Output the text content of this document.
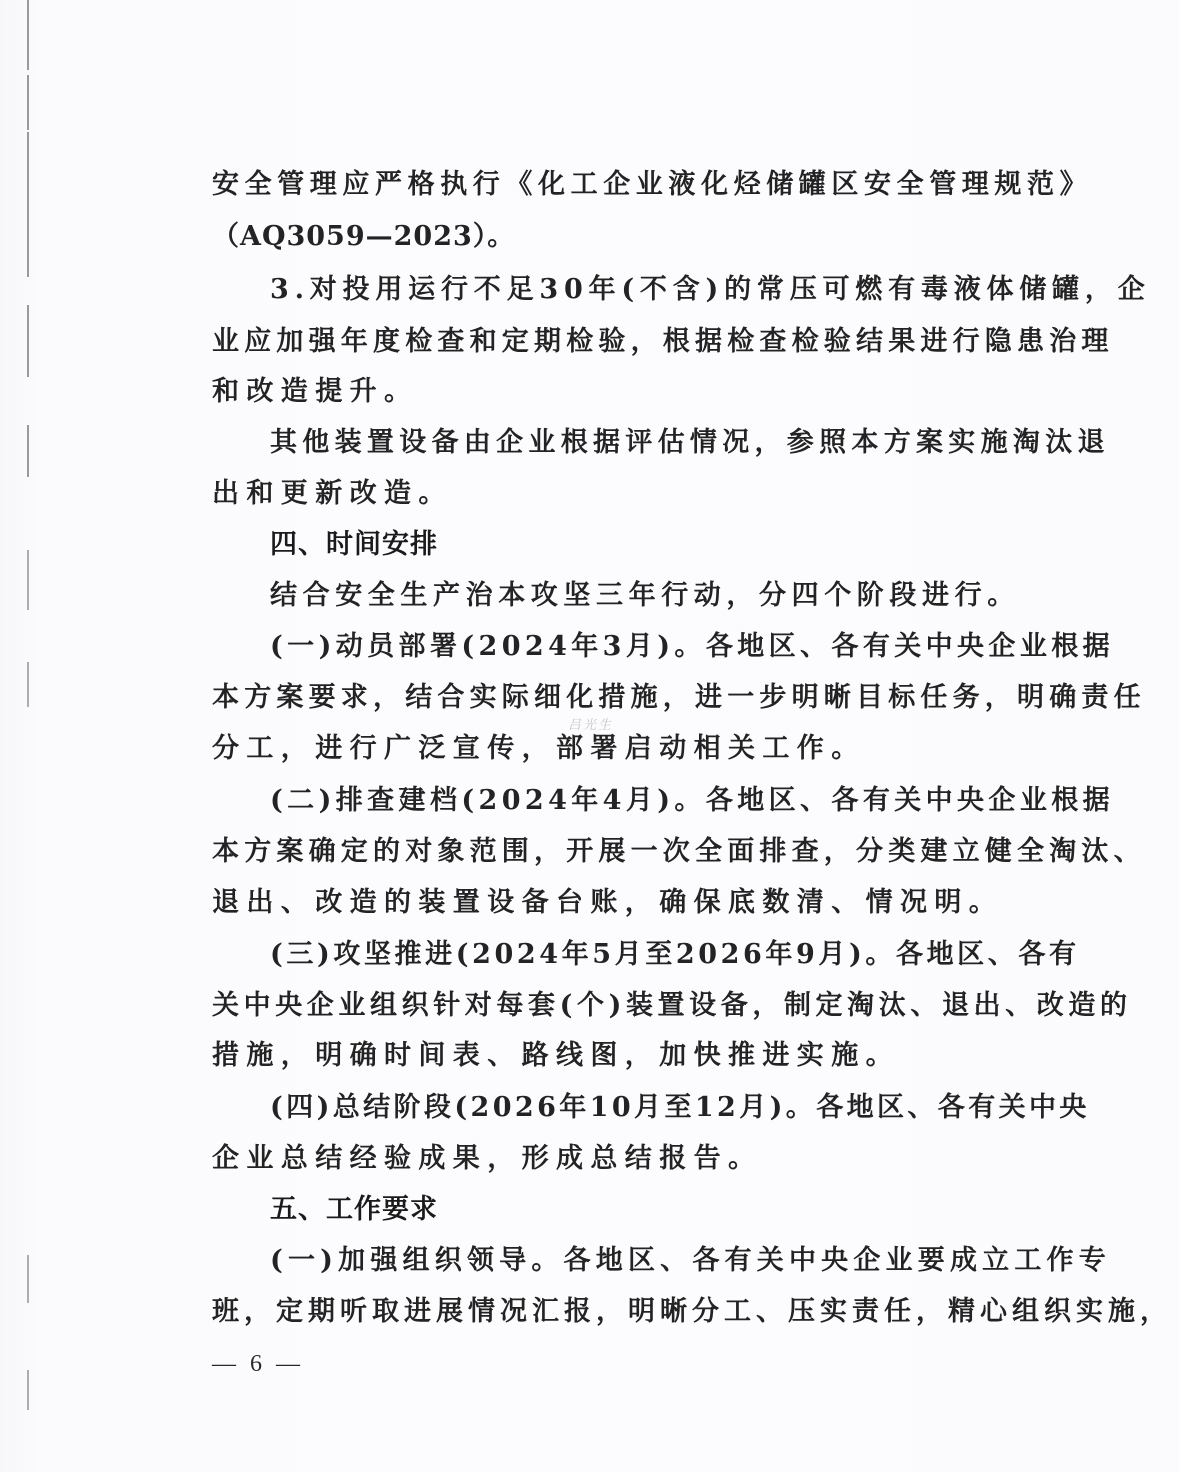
安全管理应严格执行《化工企业液化烃储罐区安全管理规范》
（AQ3059—2023）。
3.对投用运行不足30年(不含)的常压可燃有毒液体储罐，企
业应加强年度检查和定期检验，根据检查检验结果进行隐患治理
和改造提升。
其他装置设备由企业根据评估情况，参照本方案实施淘汰退
出和更新改造。
四、时间安排
结合安全生产治本攻坚三年行动，分四个阶段进行。
(一)动员部署(2024年3月)。各地区、各有关中央企业根据
本方案要求，结合实际细化措施，进一步明晰目标任务，明确责任
分工，进行广泛宣传，部署启动相关工作。
(二)排查建档(2024年4月)。各地区、各有关中央企业根据
本方案确定的对象范围，开展一次全面排查，分类建立健全淘汰、
退出、改造的装置设备台账，确保底数清、情况明。
(三)攻坚推进(2024年5月至2026年9月)。各地区、各有
关中央企业组织针对每套(个)装置设备，制定淘汰、退出、改造的
措施，明确时间表、路线图，加快推进实施。
(四)总结阶段(2026年10月至12月)。各地区、各有关中央
企业总结经验成果，形成总结报告。
五、工作要求
(一)加强组织领导。各地区、各有关中央企业要成立工作专
班，定期听取进展情况汇报，明晰分工、压实责任，精心组织实施，
吕光生
— 6 —
